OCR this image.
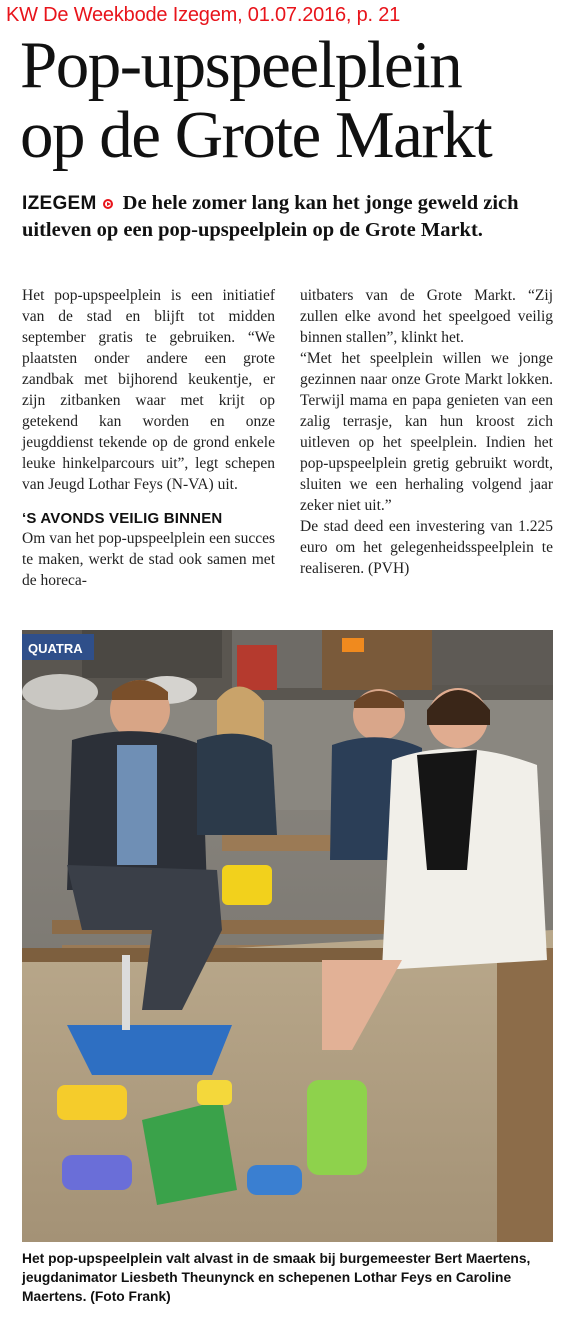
KW De Weekbode Izegem, 01.07.2016, p. 21
Pop-upspeelplein
op de Grote Markt
IZEGEM De hele zomer lang kan het jonge geweld zich uitleven op een pop-upspeelplein op de Grote Markt.

Het pop-upspeelplein is een initiatief van de stad en blijft tot midden september gratis te gebruiken. “We plaatsten onder andere een grote zandbak met bijhorend keukentje, er zijn zitbanken waar met krijt op getekend kan worden en onze jeugddienst tekende op de grond enkele leuke hinkelparcours uit”, legt schepen van Jeugd Lothar Feys (N-VA) uit.

‘S AVONDS VEILIG BINNEN

Om van het pop-upspeelplein een succes te maken, werkt de stad ook samen met de horeca-

uitbaters van de Grote Markt. “Zij zullen elke avond het speelgoed veilig binnen stallen”, klinkt het.

“Met het speelplein willen we jonge gezinnen naar onze Grote Markt lokken. Terwijl mama en papa genieten van een zalig terrasje, kan hun kroost zich uitleven op het speelplein. Indien het pop-upspeelplein gretig gebruikt wordt, sluiten we een herhaling volgend jaar zeker niet uit.”

De stad deed een investering van 1.225 euro om het gelegenheidsspeelplein te realiseren. (PVH)

QUATRA
Het pop-upspeelplein valt alvast in de smaak bij burgemeester Bert Maertens, jeugdanimator Liesbeth Theunynck en schepenen Lothar Feys en Caroline Maertens. (Foto Frank)
